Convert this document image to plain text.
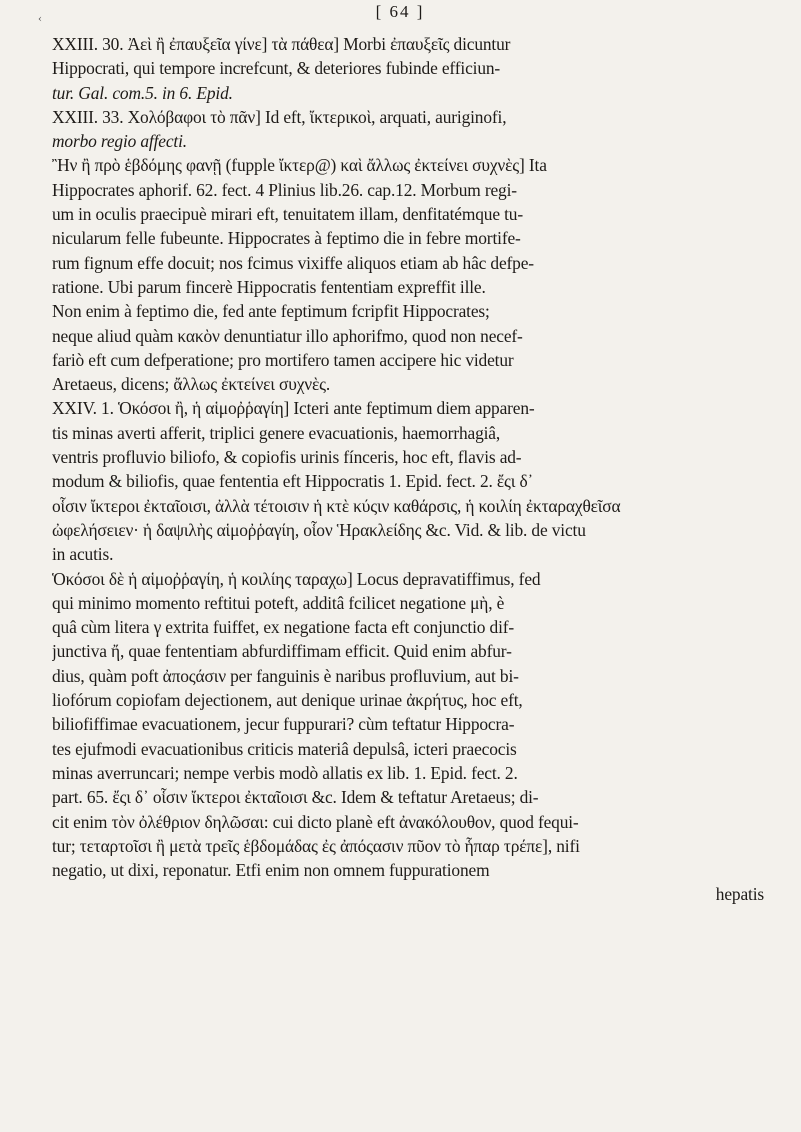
‹	[ 64 ]
XXIII. 30. Ἀεὶ ἢ ἐπαυξεῖα γίνε] τὰ πάθεα] Morbi ἐπαυξεῖς dicuntur
Hippocrati, qui tempore increfcunt, & deteriores fubinde efficiun-
tur. Gal. com.5. in 6. Epid.
XXIII. 33. Χολόβαφοι τὸ πᾶν] Id eft, ἴκτερικοὶ, arquati, auriginofi,
morbo regio affecti.
Ἢν ἢ πρὸ ἑβδόμης φανῇ (fupple ἴκτερ@) καὶ ἄλλως ἐκτείνει συχνὲς] Ita
Hippocrates aphorif. 62. fect. 4 Plinius lib.26. cap.12. Morbum regi-
um in oculis praecipuè mirari eft, tenuitatem illam, denfitatémque tu-
nicularum felle fubeunte. Hippocrates à feptimo die in febre mortife-
rum fignum effe docuit; nos fcimus vixiffe aliquos etiam ab hâc defpe-
ratione. Ubi parum fincerè Hippocratis fententiam expreffit ille.
Non enim à feptimo die, fed ante feptimum fcripfit Hippocrates;
neque aliud quàm κακὸν denuntiatur illo aphorifmo, quod non necef-
fariò eft cum defperatione; pro mortifero tamen accipere hic videtur
Aretaeus, dicens; ἄλλως ἐκτείνει συχνὲς.
XXIV. 1. Ὁκόσοι ἢ, ἡ αἱμοῤῥαγίη] Icteri ante feptimum diem apparen-
tis minas averti afferit, triplici genere evacuationis, haemorrhagiâ,
ventris profluvio biliofo, & copiofis urinis fínceris, hoc eft, flavis ad-
modum & biliofis, quae fententia eft Hippocratis 1. Epid. fect. 2. ἔςι δ᾿
οἷσιν ἴκτεροι ἐκταῖοισι, ἀλλὰ τέτοισιν ἡ κτὲ κύςιν καθάρσις, ἡ κοιλίη ἐκταραχθεῖσα
ὠφελήσειεν· ἡ δαψιλὴς αἱμοῤῥαγίη, οἷον Ἡρακλείδης &c. Vid. & lib. de victu
in acutis.
Ὁκόσοι δὲ ἡ αἱμοῤῥαγίη, ἡ κοιλίης ταραχω] Locus depravatiffimus, fed
qui minimo momento reftitui poteft, additâ fcilicet negatione μὴ, è
quâ cùm litera γ extrita fuiffet, ex negatione facta eft conjunctio dif-
junctiva ἤ, quae fententiam abfurdiffimam efficit. Quid enim abfur-
dius, quàm poft ἀποςάσιν per fanguinis è naribus profluvium, aut bi-
liofórum copiofam dejectionem, aut denique urinae ἀκρήτυς, hoc eft,
biliofiffimae evacuationem, jecur fuppurari? cùm teftatur Hippocra-
tes ejufmodi evacuationibus criticis materiâ depulsâ, icteri praecocis
minas averruncari; nempe verbis modò allatis ex lib. 1. Epid. fect. 2.
part. 65. ἔςι δ᾿ οἷσιν ἴκτεροι ἐκταῖοισι &c. Idem & teftatur Aretaeus; di-
cit enim τὸν ὀλέθριον δηλῶσαι: cui dicto planè eft ἀνακόλουθον, quod fequi-
tur; τεταρτοῖσι ἢ μετὰ τρεῖς ἑβδομάδας ἐς ἀπόςασιν πῦον τὸ ἧπαρ τρέπε], nifi
negatio, ut dixi, reponatur. Etfi enim non omnem fuppurationem
hepatis
